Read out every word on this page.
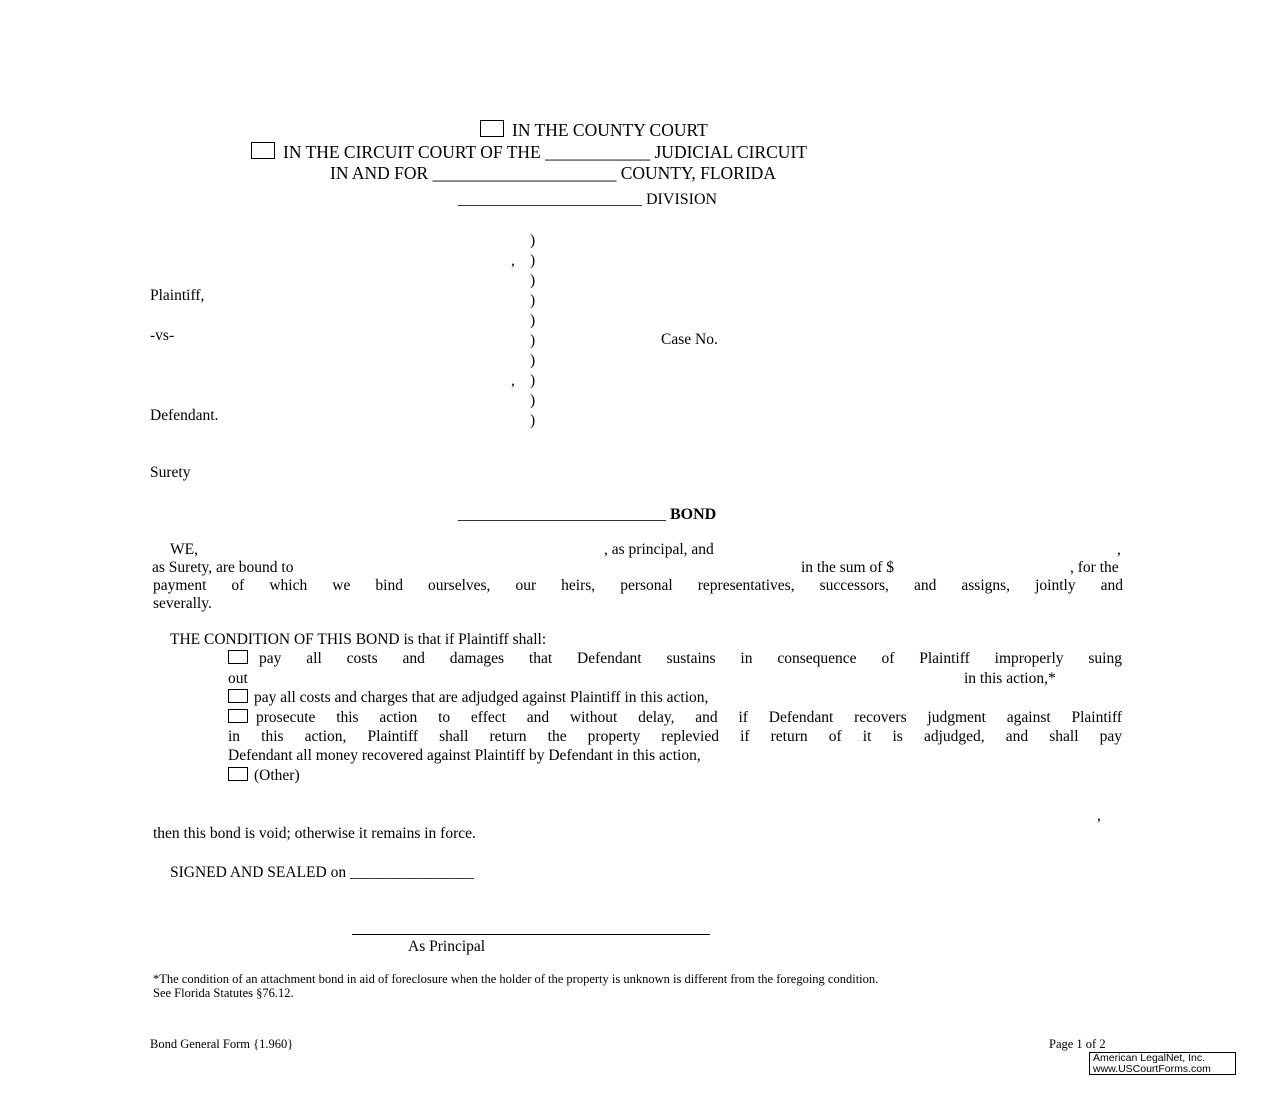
IN THE COUNTY COURT
IN THE CIRCUIT COURT OF THE ____________ JUDICIAL CIRCUIT
IN AND FOR _____________________ COUNTY, FLORIDA
_______________________ DIVISION
)
, )
)
)
)
)
)
, )
)
)
Plaintiff,
-vs-	Case No.
Defendant.
Surety
__________________________ BOND
WE,	, as principal, and	,
as Surety, are bound to	in the sum of $	, for the
payment of which we bind ourselves, our heirs, personal representatives, successors, and assigns, jointly and
severally.
THE CONDITION OF THIS BOND is that if Plaintiff shall:
pay all costs and damages that Defendant sustains in consequence of Plaintiff improperly suing
out	in this action,*
pay all costs and charges that are adjudged against Plaintiff in this action,
prosecute this action to effect and without delay, and if Defendant recovers judgment against Plaintiff
in this action, Plaintiff shall return the property replevied if return of it is adjudged, and shall pay
Defendant all money recovered against Plaintiff by Defendant in this action,
(Other)
,
then this bond is void; otherwise it remains in force.
SIGNED AND SEALED on ________________
As Principal
*The condition of an attachment bond in aid of foreclosure when the holder of the property is unknown is different from the foregoing condition.
See Florida Statutes §76.12.
Bond General Form {1.960}	Page 1 of 2
American LegalNet, Inc.
www.USCourtForms.com
